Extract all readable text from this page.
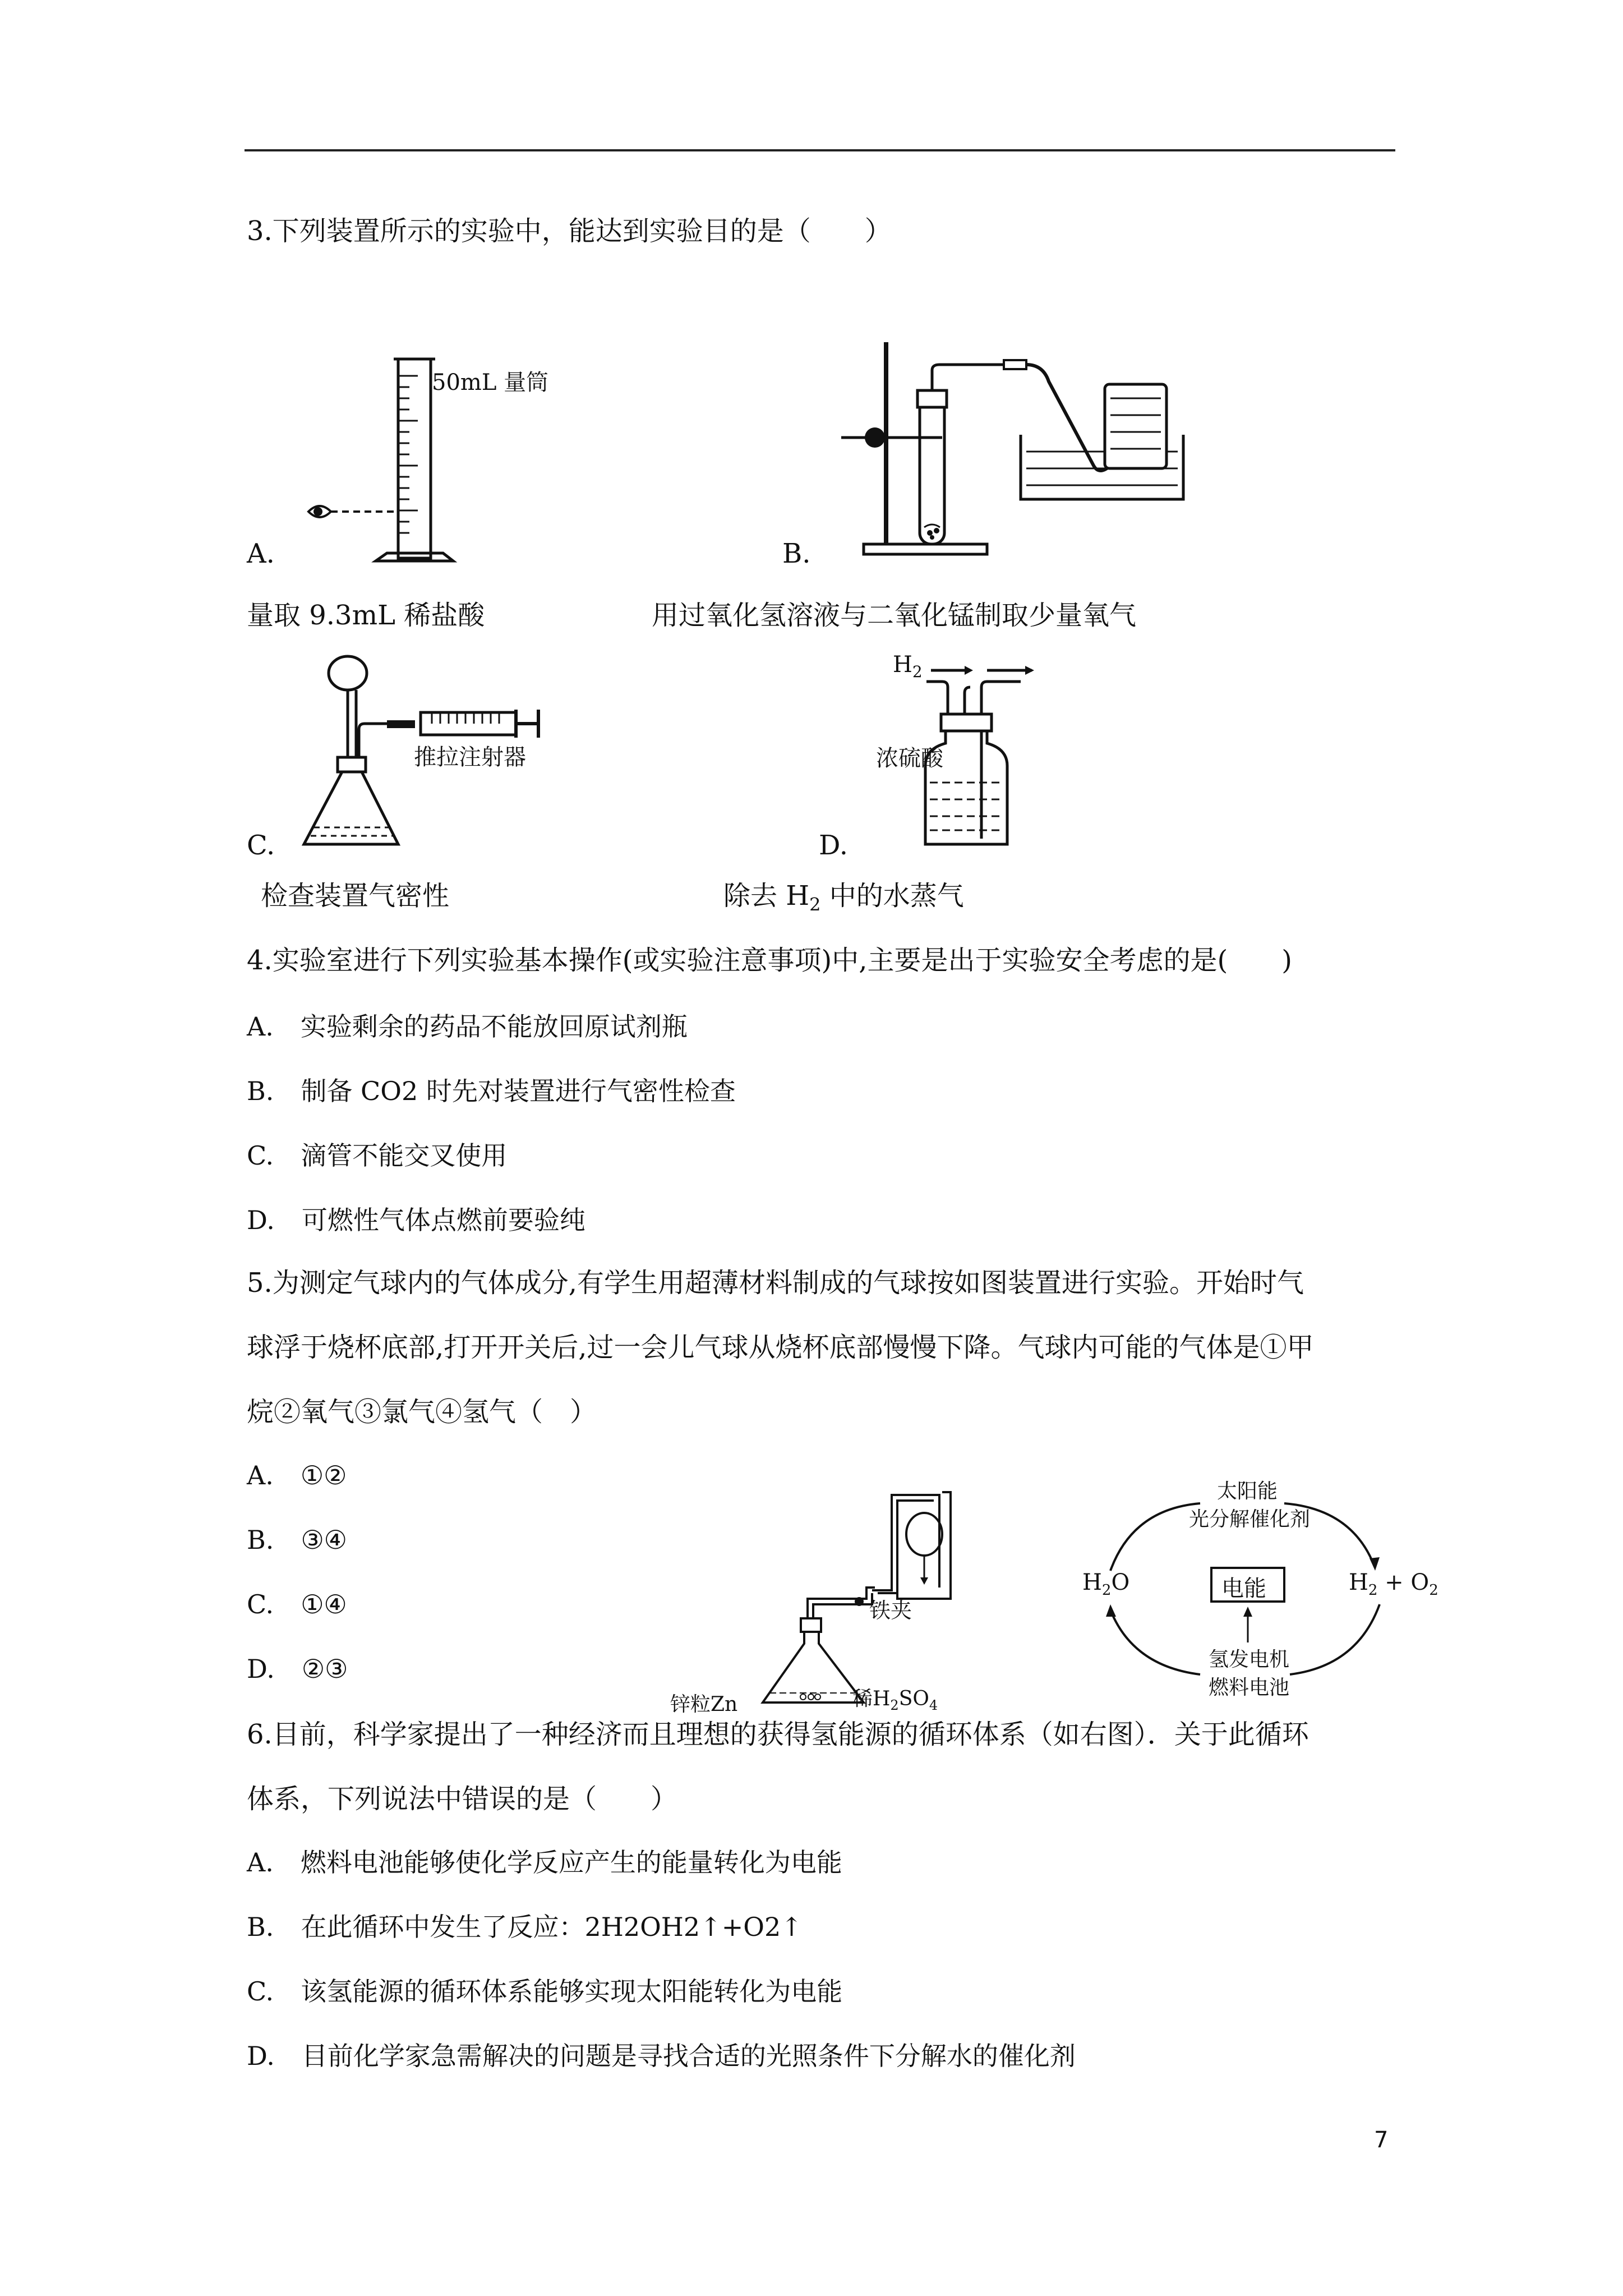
3.下列装置所示的实验中，能达到实验目的是（　　）
50mL 量筒
A.
量取 9.3mL 稀盐酸
B.
用过氧化氢溶液与二氧化锰制取少量氧气
推拉注射器
C.
检查装置气密性
$H_2$
浓硫酸
D.
除去 $H_2$ 中的水蒸气
4.实验室进行下列实验基本操作(或实验注意事项)中,主要是出于实验安全考虑的是(　　)
A. 实验剩余的药品不能放回原试剂瓶
B. 制备 CO2 时先对装置进行气密性检查
C. 滴管不能交叉使用
D. 可燃性气体点燃前要验纯
5.为测定气球内的气体成分,有学生用超薄材料制成的气球按如图装置进行实验。开始时气
球浮于烧杯底部,打开开关后,过一会儿气球从烧杯底部慢慢下降。气球内可能的气体是①甲
烷②氧气③氯气④氢气（　）
A. ①②
B. ③④
C. ①④
D. ②③
铁夹
锌粒Zn	稀$H_2SO_4$
太阳能
光分解催化剂
$H_2O$	$H_2 + O_2$
电能
氢发电机
燃料电池
6.目前，科学家提出了一种经济而且理想的获得氢能源的循环体系（如右图）．关于此循环
体系，下列说法中错误的是（　　）
A. 燃料电池能够使化学反应产生的能量转化为电能
B. 在此循环中发生了反应：2H2OH2↑+O2↑
C. 该氢能源的循环体系能够实现太阳能转化为电能
D. 目前化学家急需解决的问题是寻找合适的光照条件下分解水的催化剂
7
